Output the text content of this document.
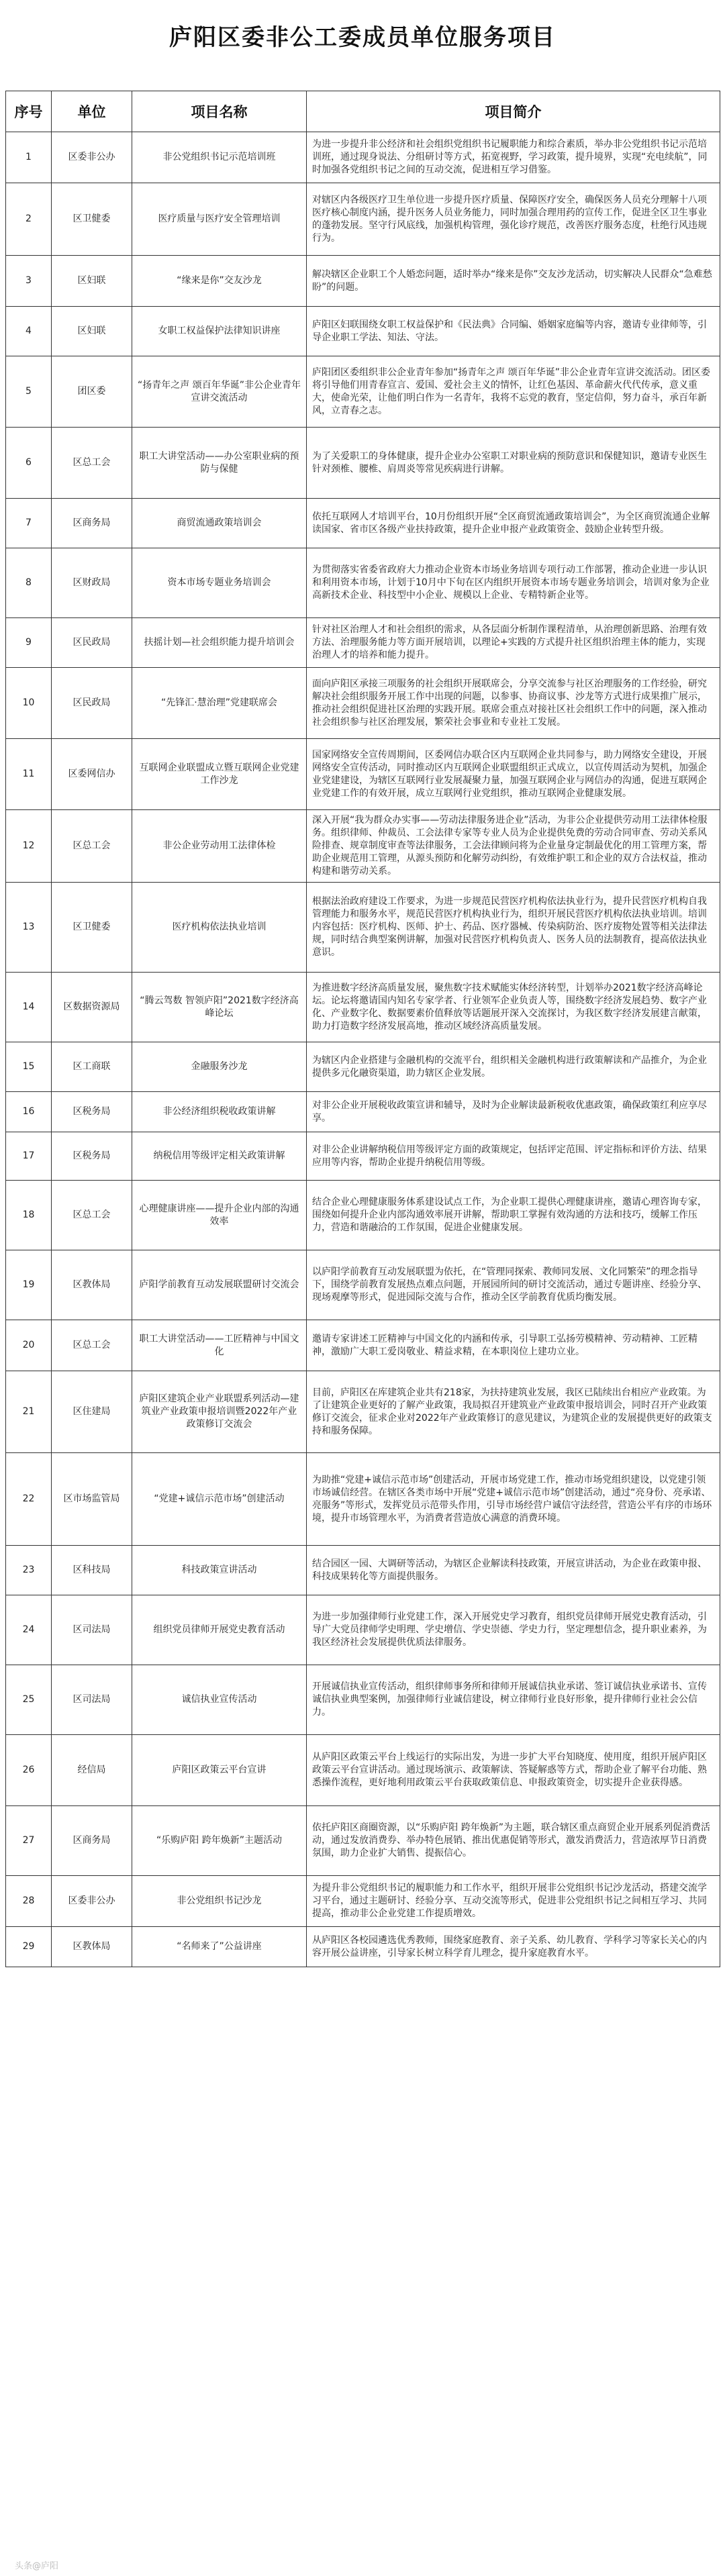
庐阳区委非公工委成员单位服务项目
序号	单位	项目名称	项目简介
1	区委非公办	非公党组织书记示范培训班	为进一步提升非公经济和社会组织党组织书记履职能力和综合素质，举办非公党组织书记示范培训班，通过现身说法、分组研讨等方式，拓宽视野，学习政策，提升境界，实现“充电续航”，同时加强各党组织书记之间的互动交流，促进相互学习借鉴。
2	区卫健委	医疗质量与医疗安全管理培训	对辖区内各级医疗卫生单位进一步提升医疗质量、保障医疗安全，确保医务人员充分理解十八项医疗核心制度内涵，提升医务人员业务能力，同时加强合理用药的宣传工作，促进全区卫生事业的蓬勃发展。坚守行风底线，加强机构管理，强化诊疗规范，改善医疗服务态度，杜绝行风违规行为。
3	区妇联	“缘来是你”交友沙龙	解决辖区企业职工个人婚恋问题，适时举办“缘来是你”交友沙龙活动，切实解决人民群众“急难愁盼”的问题。
4	区妇联	女职工权益保护法律知识讲座	庐阳区妇联围绕女职工权益保护和《民法典》合同编、婚姻家庭编等内容，邀请专业律师等，引导企业职工学法、知法、守法。
5	团区委	“扬青年之声 颂百年华诞”非公企业青年宣讲交流活动	庐阳团区委组织非公企业青年参加“扬青年之声 颂百年华诞”非公企业青年宣讲交流活动。团区委将引导他们用青春宣言、爱国、爱社会主义的情怀，让红色基因、革命薪火代代传承，意义重大，使命光荣，让他们明白作为一名青年，我将不忘党的教育，坚定信仰，努力奋斗，承百年新风，立青春之志。
6	区总工会	职工大讲堂活动——办公室职业病的预防与保健	为了关爱职工的身体健康，提升企业办公室职工对职业病的预防意识和保健知识，邀请专业医生针对颈椎、腰椎、肩周炎等常见疾病进行讲解。
7	区商务局	商贸流通政策培训会	依托互联网人才培训平台，10月份组织开展“全区商贸流通政策培训会”，为全区商贸流通企业解读国家、省市区各级产业扶持政策，提升企业申报产业政策资金、鼓励企业转型升级。
8	区财政局	资本市场专题业务培训会	为贯彻落实省委省政府大力推动企业资本市场业务培训专项行动工作部署，推动企业进一步认识和利用资本市场，计划于10月中下旬在区内组织开展资本市场专题业务培训会，培训对象为企业高新技术企业、科技型中小企业、规模以上企业、专精特新企业等。
9	区民政局	扶摇计划—社会组织能力提升培训会	针对社区治理人才和社会组织的需求，从各层面分析制作课程清单，从治理创新思路、治理有效方法、治理服务能力等方面开展培训，以理论+实践的方式提升社区组织治理主体的能力，实现治理人才的培养和能力提升。
10	区民政局	“先锋汇·慧治理”党建联席会	面向庐阳区承接三项服务的社会组织开展联席会，分享交流参与社区治理服务的工作经验，研究解决社会组织服务开展工作中出现的问题，以参事、协商议事、沙龙等方式进行成果推广展示，推动社会组织促进社区治理的实践开展。联席会重点对接社区社会组织工作中的问题，深入推动社会组织参与社区治理发展，繁荣社会事业和专业社工发展。
11	区委网信办	互联网企业联盟成立暨互联网企业党建工作沙龙	国家网络安全宣传周期间，区委网信办联合区内互联网企业共同参与，助力网络安全建设，开展网络安全宣传活动，同时推动区内互联网企业联盟组织正式成立，以宣传周活动为契机，加强企业党建建设，为辖区互联网行业发展凝聚力量，加强互联网企业与网信办的沟通，促进互联网企业党建工作的有效开展，成立互联网行业党组织，推动互联网企业健康发展。
12	区总工会	非公企业劳动用工法律体检	深入开展“我为群众办实事——劳动法律服务进企业”活动，为非公企业提供劳动用工法律体检服务。组织律师、仲裁员、工会法律专家等专业人员为企业提供免费的劳动合同审查、劳动关系风险排查、规章制度审查等法律服务，工会法律顾问将为企业量身定制最优化的用工管理方案，帮助企业规范用工管理，从源头预防和化解劳动纠纷，有效维护职工和企业的双方合法权益，推动构建和谐劳动关系。
13	区卫健委	医疗机构依法执业培训	根据法治政府建设工作要求，为进一步规范民营医疗机构依法执业行为，提升民营医疗机构自我管理能力和服务水平，规范民营医疗机构执业行为，组织开展民营医疗机构依法执业培训。培训内容包括：医疗机构、医师、护士、药品、医疗器械、传染病防治、医疗废物处置等相关法律法规，同时结合典型案例讲解，加强对民营医疗机构负责人、医务人员的法制教育，提高依法执业意识。
14	区数据资源局	“腾云驾数 智领庐阳”2021数字经济高峰论坛	为推进数字经济高质量发展，聚焦数字技术赋能实体经济转型，计划举办2021数字经济高峰论坛。论坛将邀请国内知名专家学者、行业领军企业负责人等，围绕数字经济发展趋势、数字产业化、产业数字化、数据要素价值释放等话题展开深入交流探讨，为我区数字经济发展建言献策，助力打造数字经济发展高地，推动区域经济高质量发展。
15	区工商联	金融服务沙龙	为辖区内企业搭建与金融机构的交流平台，组织相关金融机构进行政策解读和产品推介，为企业提供多元化融资渠道，助力辖区企业发展。
16	区税务局	非公经济组织税收政策讲解	对非公企业开展税收政策宣讲和辅导，及时为企业解读最新税收优惠政策，确保政策红利应享尽享。
17	区税务局	纳税信用等级评定相关政策讲解	对非公企业讲解纳税信用等级评定方面的政策规定，包括评定范围、评定指标和评价方法、结果应用等内容，帮助企业提升纳税信用等级。
18	区总工会	心理健康讲座——提升企业内部的沟通效率	结合企业心理健康服务体系建设试点工作，为企业职工提供心理健康讲座，邀请心理咨询专家，围绕如何提升企业内部沟通效率展开讲解，帮助职工掌握有效沟通的方法和技巧，缓解工作压力，营造和谐融洽的工作氛围，促进企业健康发展。
19	区教体局	庐阳学前教育互动发展联盟研讨交流会	以庐阳学前教育互动发展联盟为依托，在“管理同探索、教师同发展、文化同繁荣”的理念指导下，围绕学前教育发展热点难点问题，开展园所间的研讨交流活动，通过专题讲座、经验分享、现场观摩等形式，促进园际交流与合作，推动全区学前教育优质均衡发展。
20	区总工会	职工大讲堂活动——工匠精神与中国文化	邀请专家讲述工匠精神与中国文化的内涵和传承，引导职工弘扬劳模精神、劳动精神、工匠精神，激励广大职工爱岗敬业、精益求精，在本职岗位上建功立业。
21	区住建局	庐阳区建筑企业产业联盟系列活动—建筑业产业政策申报培训暨2022年产业政策修订交流会	目前，庐阳区在库建筑企业共有218家，为扶持建筑业发展，我区已陆续出台相应产业政策。为了让建筑企业更好的了解产业政策，我局拟召开建筑业产业政策申报培训会，同时召开产业政策修订交流会，征求企业对2022年产业政策修订的意见建议，为建筑企业的发展提供更好的政策支持和服务保障。
22	区市场监管局	“党建+诚信示范市场”创建活动	为助推“党建+诚信示范市场”创建活动，开展市场党建工作，推动市场党组织建设，以党建引领市场诚信经营。在辖区各类市场中开展“党建+诚信示范市场”创建活动，通过“亮身份、亮承诺、亮服务”等形式，发挥党员示范带头作用，引导市场经营户诚信守法经营，营造公平有序的市场环境，提升市场管理水平，为消费者营造放心满意的消费环境。
23	区科技局	科技政策宣讲活动	结合园区一园、大调研等活动，为辖区企业解读科技政策，开展宣讲活动，为企业在政策申报、科技成果转化等方面提供服务。
24	区司法局	组织党员律师开展党史教育活动	为进一步加强律师行业党建工作，深入开展党史学习教育，组织党员律师开展党史教育活动，引导广大党员律师学史明理、学史增信、学史崇德、学史力行，坚定理想信念，提升职业素养，为我区经济社会发展提供优质法律服务。
25	区司法局	诚信执业宣传活动	开展诚信执业宣传活动，组织律师事务所和律师开展诚信执业承诺、签订诚信执业承诺书、宣传诚信执业典型案例，加强律师行业诚信建设，树立律师行业良好形象，提升律师行业社会公信力。
26	经信局	庐阳区政策云平台宣讲	从庐阳区政策云平台上线运行的实际出发，为进一步扩大平台知晓度、使用度，组织开展庐阳区政策云平台宣讲活动。通过现场演示、政策解读、答疑解惑等方式，帮助企业了解平台功能、熟悉操作流程，更好地利用政策云平台获取政策信息、申报政策资金，切实提升企业获得感。
27	区商务局	“乐购庐阳 跨年焕新”主题活动	依托庐阳区商圈资源，以“乐购庐阳 跨年焕新”为主题，联合辖区重点商贸企业开展系列促消费活动，通过发放消费券、举办特色展销、推出优惠促销等形式，激发消费活力，营造浓厚节日消费氛围，助力企业扩大销售、提振信心。
28	区委非公办	非公党组织书记沙龙	为提升非公党组织书记的履职能力和工作水平，组织开展非公党组织书记沙龙活动，搭建交流学习平台，通过主题研讨、经验分享、互动交流等形式，促进非公党组织书记之间相互学习、共同提高，推动非公企业党建工作提质增效。
29	区教体局	“名师来了”公益讲座	从庐阳区各校园遴选优秀教师，围绕家庭教育、亲子关系、幼儿教育、学科学习等家长关心的内容开展公益讲座，引导家长树立科学育儿理念，提升家庭教育水平。
头条@庐阳
